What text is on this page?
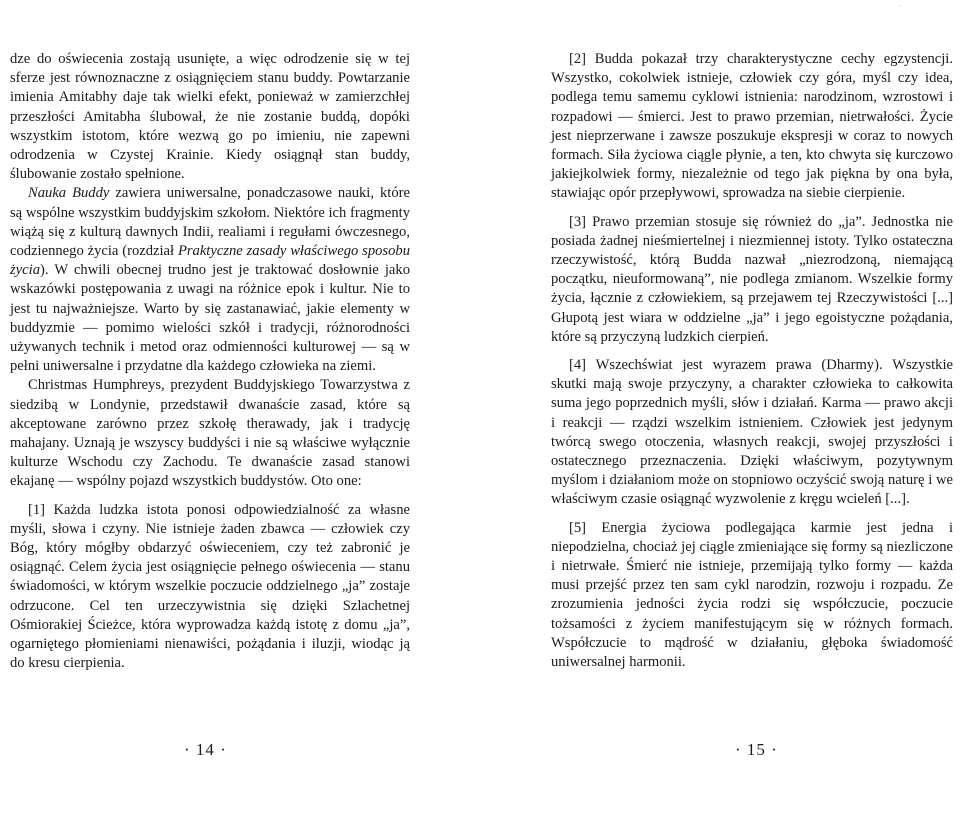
·

dze do oświecenia zostają usunięte, a więc odrodzenie się w tej sferze jest równoznaczne z osiągnięciem stanu buddy. Powtarzanie imienia Amitabhy daje tak wielki efekt, ponieważ w zamierzchłej przeszłości Amitabha ślubował, że nie zostanie buddą, dopóki wszystkim istotom, które wezwą go po imieniu, nie zapewni odrodzenia w Czystej Krainie. Kiedy osiągnął stan buddy, ślubowanie zostało spełnione.

Nauka Buddy zawiera uniwersalne, ponadczasowe nauki, które są wspólne wszystkim buddyjskim szkołom. Niektóre ich fragmenty wiążą się z kulturą dawnych Indii, realiami i regułami ówczesnego, codziennego życia (rozdział Praktyczne zasady właściwego sposobu życia). W chwili obecnej trudno jest je traktować dosłownie jako wskazówki postępowania z uwagi na różnice epok i kultur. Nie to jest tu najważniejsze. Warto by się zastanawiać, jakie elementy w buddyzmie — pomimo wielości szkół i tradycji, różnorodności używanych technik i metod oraz odmienności kulturowej — są w pełni uniwersalne i przydatne dla każdego człowieka na ziemi.

Christmas Humphreys, prezydent Buddyjskiego Towarzystwa z siedzibą w Londynie, przedstawił dwanaście zasad, które są akceptowane zarówno przez szkołę therawady, jak i tradycję mahajany. Uznają je wszyscy buddyści i nie są właściwe wyłącznie kulturze Wschodu czy Zachodu. Te dwanaście zasad stanowi ekajanę — wspólny pojazd wszystkich buddystów. Oto one:

[1] Każda ludzka istota ponosi odpowiedzialność za własne myśli, słowa i czyny. Nie istnieje żaden zbawca — człowiek czy Bóg, który mógłby obdarzyć oświeceniem, czy też zabronić je osiągnąć. Celem życia jest osiągnięcie pełnego oświecenia — stanu świadomości, w którym wszelkie poczucie oddzielnego „ja” zostaje odrzucone. Cel ten urzeczywistnia się dzięki Szlachetnej Ośmiorakiej Ścieżce, która wyprowadza każdą istotę z domu „ja”, ogarniętego płomieniami nienawiści, pożądania i iluzji, wiodąc ją do kresu cierpienia.

· 14 ·

[2] Budda pokazał trzy charakterystyczne cechy egzystencji. Wszystko, cokolwiek istnieje, człowiek czy góra, myśl czy idea, podlega temu samemu cyklowi istnienia: narodzinom, wzrostowi i rozpadowi — śmierci. Jest to prawo przemian, nietrwałości. Życie jest nieprzerwane i zawsze poszukuje ekspresji w coraz to nowych formach. Siła życiowa ciągle płynie, a ten, kto chwyta się kurczowo jakiejkolwiek formy, niezależnie od tego jak piękna by ona była, stawiając opór przepływowi, sprowadza na siebie cierpienie.

[3] Prawo przemian stosuje się również do „ja”. Jednostka nie posiada żadnej nieśmiertelnej i niezmiennej istoty. Tylko ostateczna rzeczywistość, którą Budda nazwał „niezrodzoną, niemającą początku, nieuformowaną”, nie podlega zmianom. Wszelkie formy życia, łącznie z człowiekiem, są przejawem tej Rzeczywistości [...] Głupotą jest wiara w oddzielne „ja” i jego egoistyczne pożądania, które są przyczyną ludzkich cierpień.

[4] Wszechświat jest wyrazem prawa (Dharmy). Wszystkie skutki mają swoje przyczyny, a charakter człowieka to całkowita suma jego poprzednich myśli, słów i działań. Karma — prawo akcji i reakcji — rządzi wszelkim istnieniem. Człowiek jest jedynym twórcą swego otoczenia, własnych reakcji, swojej przyszłości i ostatecznego przeznaczenia. Dzięki właściwym, pozytywnym myślom i działaniom może on stopniowo oczyścić swoją naturę i we właściwym czasie osiągnąć wyzwolenie z kręgu wcieleń [...].

[5] Energia życiowa podlegająca karmie jest jedna i niepodzielna, chociaż jej ciągle zmieniające się formy są niezliczone i nietrwałe. Śmierć nie istnieje, przemijają tylko formy — każda musi przejść przez ten sam cykl narodzin, rozwoju i rozpadu. Ze zrozumienia jedności życia rodzi się współczucie, poczucie tożsamości z życiem manifestującym się w różnych formach. Współczucie to mądrość w działaniu, głęboka świadomość uniwersalnej harmonii.

· 15 ·
